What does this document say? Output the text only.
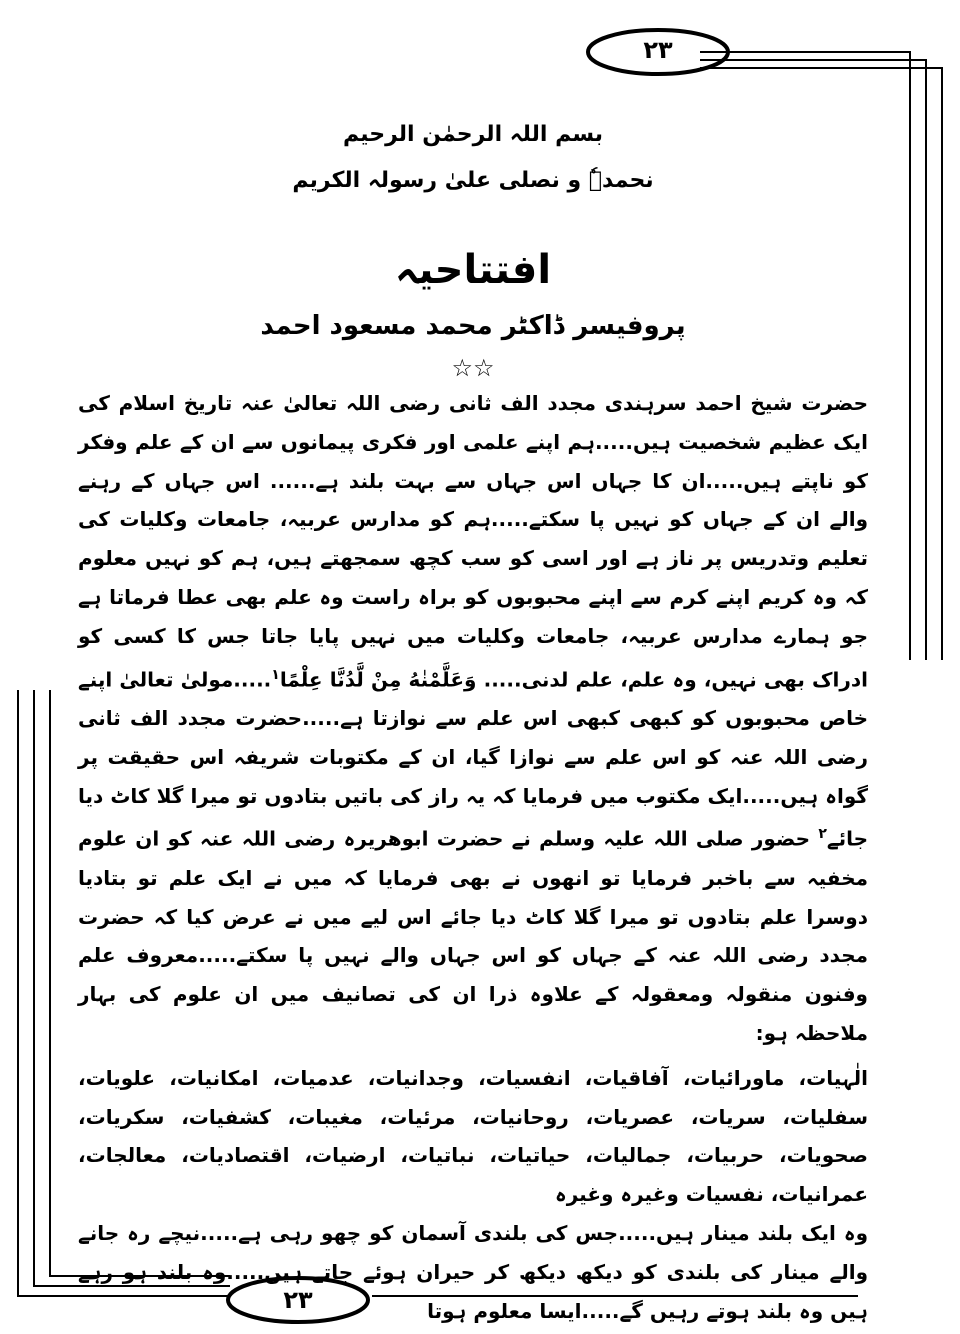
۲۳
۲۳
بسم اللہ الرحمٰن الرحیم
نحمدہٗ و نصلی علیٰ رسولہ الکریم
افتتاحیہ
پروفیسر ڈاکٹر محمد مسعود احمد
☆☆

حضرت شیخ احمد سرہندی مجدد الف ثانی رضی اللہ تعالیٰ عنہ تاریخ اسلام کی ایک عظیم شخصیت ہیں.....ہم اپنے علمی اور فکری پیمانوں سے ان کے علم وفکر کو ناپتے ہیں.....ان کا جہاں اس جہاں سے بہت بلند ہے...... اس جہاں کے رہنے والے ان کے جہاں کو نہیں پا سکتے.....ہم کو مدارس عربیہ، جامعات وکلیات کی تعلیم وتدریس پر ناز ہے اور اسی کو سب کچھ سمجھتے ہیں، ہم کو نہیں معلوم کہ وہ کریم اپنے کرم سے اپنے محبوبوں کو براہ راست وہ علم بھی عطا فرماتا ہے جو ہمارے مدارس عربیہ، جامعات وکلیات میں نہیں پایا جاتا جس کا کسی کو ادراک بھی نہیں، وہ علم، علم لدنی..... وَعَلَّمْنٰهُ مِنْ لَّدُنَّا عِلْمًا$^۱$.....مولیٰ تعالیٰ اپنے خاص محبوبوں کو کبھی کبھی اس علم سے نوازتا ہے.....حضرت مجدد الف ثانی رضی اللہ عنہ کو اس علم سے نوازا گیا، ان کے مکتوبات شریفہ اس حقیقت پر گواہ ہیں.....ایک مکتوب میں فرمایا کہ یہ راز کی باتیں بتادوں تو میرا گلا کاٹ دیا جائے$^۲$ حضور صلی اللہ علیہ وسلم نے حضرت ابوھریرہ رضی اللہ عنہ کو ان علوم مخفیہ سے باخبر فرمایا تو انھوں نے بھی فرمایا کہ میں نے ایک علم تو بتادیا دوسرا علم بتادوں تو میرا گلا کاٹ دیا جائے اس لیے میں نے عرض کیا کہ حضرت مجدد رضی اللہ عنہ کے جہاں کو اس جہاں والے نہیں پا سکتے.....معروف علم وفنون منقولہ ومعقولہ کے علاوہ ذرا ان کی تصانیف میں ان علوم کی بہار ملاحظہ ہو:

الٰہیات، ماورائیات، آفاقیات، انفسیات، وجدانیات، عدمیات، امکانیات، علویات، سفلیات، سریات، عصریات، روحانیات، مرئیات، مغیبات، کشفیات، سکریات، صحویات، حربیات، جمالیات، حیاتیات، نباتیات، ارضیات، اقتصادیات، معالجات، عمرانیات، نفسیات وغیرہ وغیرہ

وہ ایک بلند مینار ہیں.....جس کی بلندی آسمان کو چھو رہی ہے.....نیچے رہ جانے والے مینار کی بلندی کو دیکھ دیکھ کر حیران ہوئے جاتے ہیں.....وہ بلند ہو رہے ہیں وہ بلند ہوتے رہیں گے.....ایسا معلوم ہوتا
